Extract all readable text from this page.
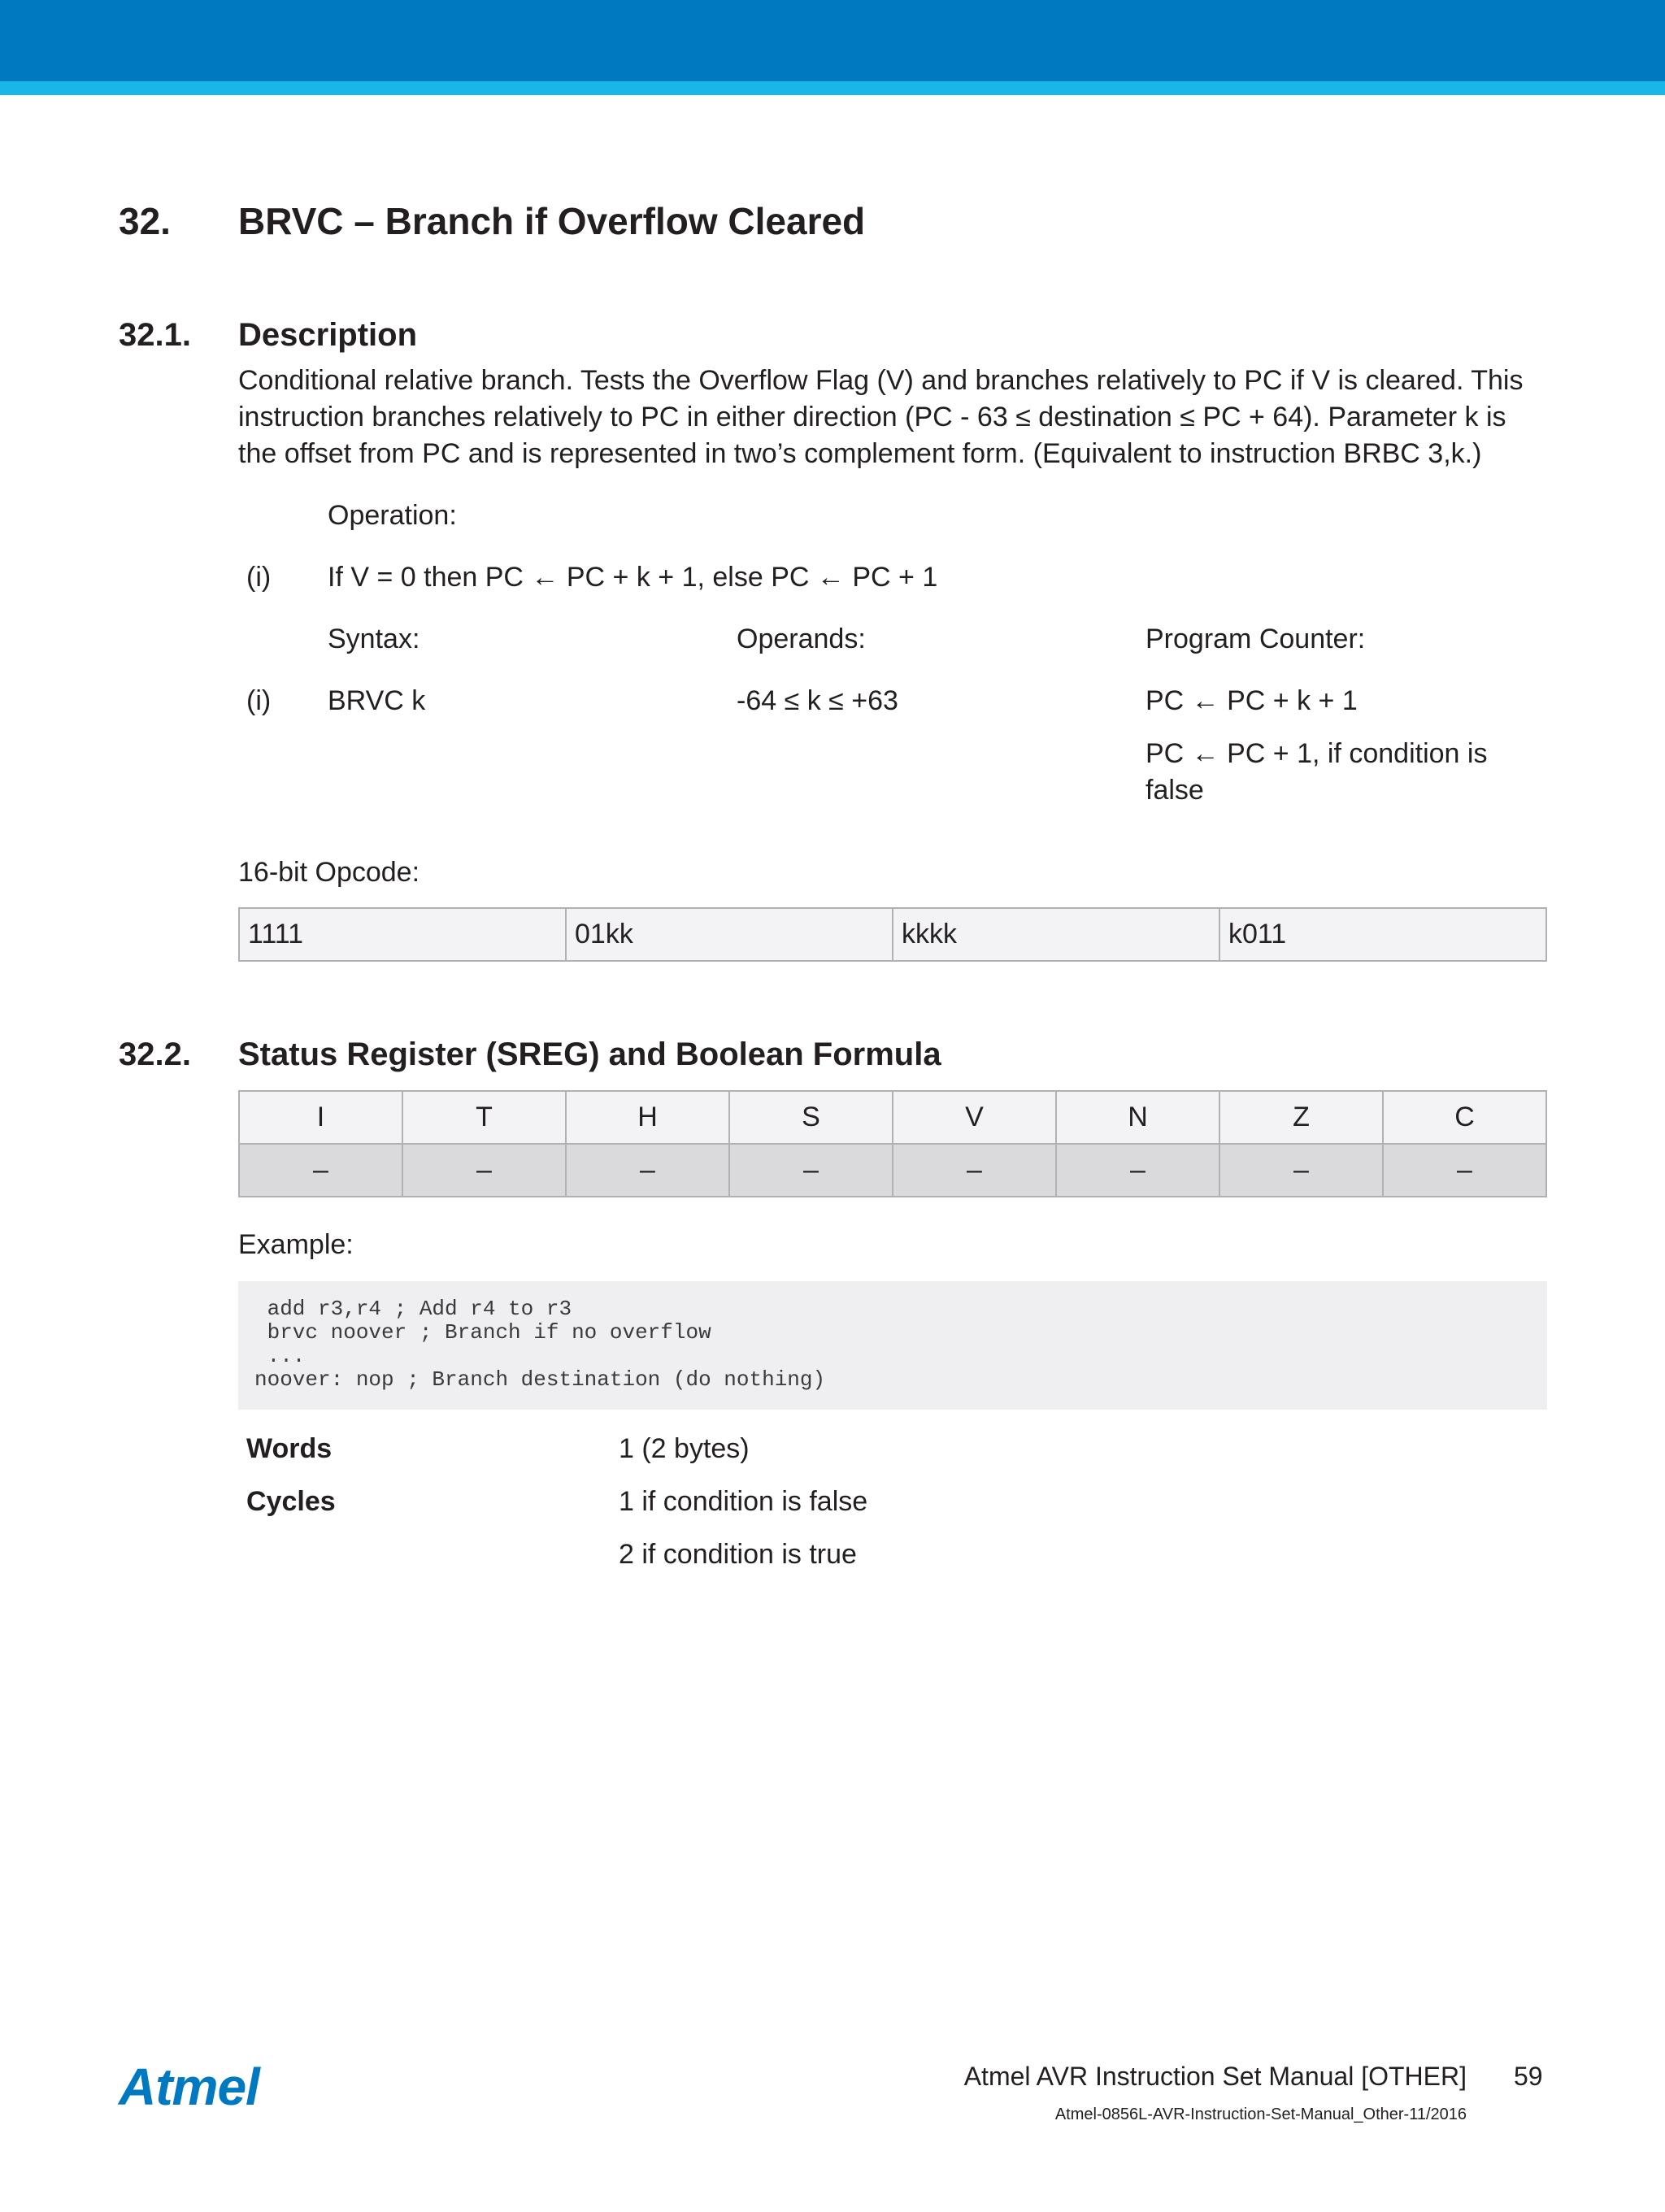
32. BRVC – Branch if Overflow Cleared
32.1. Description
Conditional relative branch. Tests the Overflow Flag (V) and branches relatively to PC if V is cleared. This
instruction branches relatively to PC in either direction (PC - 63 ≤ destination ≤ PC + 64). Parameter k is
the offset from PC and is represented in two’s complement form. (Equivalent to instruction BRBC 3,k.)
Operation:
(i) If V = 0 then PC ← PC + k + 1, else PC ← PC + 1
Syntax:	Operands:	Program Counter:
(i) BRVC k	-64 ≤ k ≤ +63	PC ← PC + k + 1
PC ← PC + 1, if condition is
false
16-bit Opcode:
1111	01kk	kkkk	k011
32.2. Status Register (SREG) and Boolean Formula
I	T	H	S	V	N	Z	C
–	–	–	–	–	–	–	–
Example:
add r3,r4 ; Add r4 to r3
brvc noover ; Branch if no overflow
...
noover: nop ; Branch destination (do nothing)
Words	1 (2 bytes)
Cycles	1 if condition is false
2 if condition is true
Atmel	Atmel AVR Instruction Set Manual [OTHER] 59
Atmel-0856L-AVR-Instruction-Set-Manual_Other-11/2016
